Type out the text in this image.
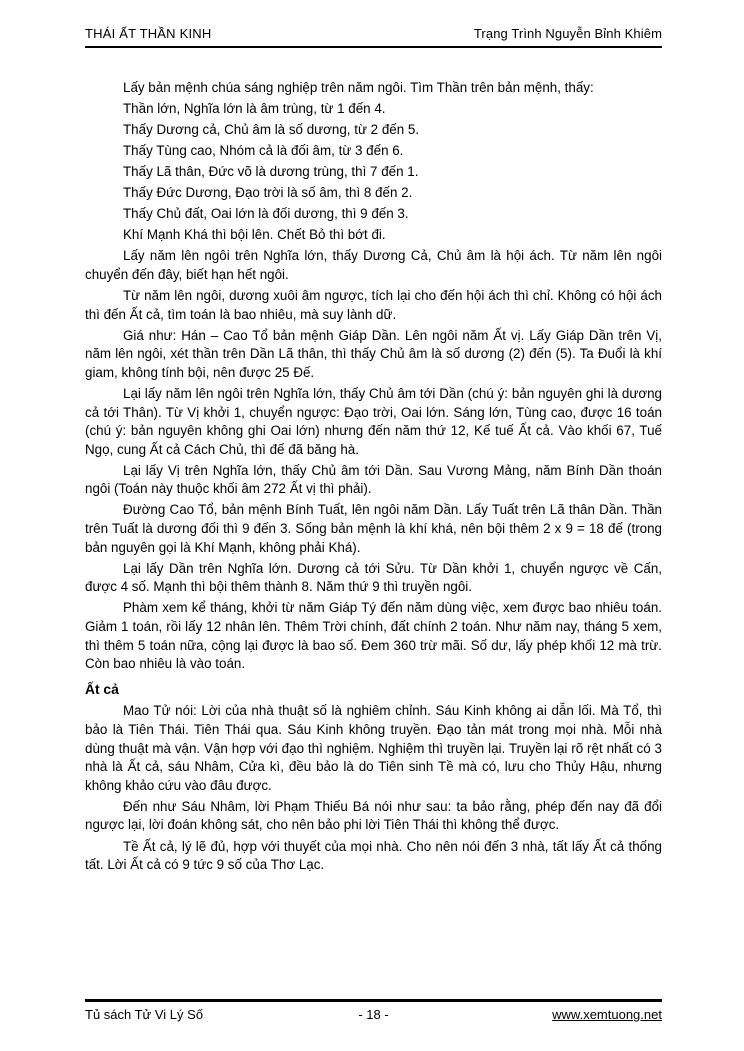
THÁI ẤT THẦN KINH	Trạng Trình Nguyễn Bỉnh Khiêm

Lấy bản mệnh chúa sáng nghiệp trên năm ngôi. Tìm Thần trên bản mệnh, thấy:

Thần lớn, Nghĩa lớn là âm trùng, từ 1 đến 4.

Thấy Dương cả, Chủ âm là số dương, từ 2 đến 5.

Thấy Tùng cao, Nhóm cả là đối âm, từ 3 đến 6.

Thấy Lã thân, Đức võ là dương trùng, thì 7 đến 1.

Thấy Đức Dương, Đạo trời là số âm, thì 8 đến 2.

Thấy Chủ đất, Oai lớn là đối dương, thì 9 đến 3.

Khí Mạnh Khá thì bội lên. Chết Bỏ thì bớt đi.

Lấy năm lên ngôi trên Nghĩa lớn, thấy Dương Cả, Chủ âm là hội ách. Từ năm lên ngôi chuyển đến đây, biết hạn hết ngôi.

Từ năm lên ngôi, dương xuôi âm ngược, tích lại cho đến hội ách thì chỉ. Không có hội ách thì đến Ất cả, tìm toán là bao nhiêu, mà suy lành dữ.

Giá như: Hán – Cao Tổ bản mệnh Giáp Dần. Lên ngôi năm Ất vị. Lấy Giáp Dần trên Vị, năm lên ngôi, xét thần trên Dần Lã thân, thì thấy Chủ âm là số dương (2) đến (5). Ta Đuổi là khí giam, không tính bội, nên được 25 Đế.

Lại lấy năm lên ngôi trên Nghĩa lớn, thấy Chủ âm tới Dần (chú ý: bản nguyên ghi là dương cả tới Thân). Từ Vị khởi 1, chuyển ngược: Đạo trời, Oai lớn. Sáng lớn, Tùng cao, được 16 toán (chú ý: bản nguyên không ghi Oai lớn) nhưng đến năm thứ 12, Kế tuế Ất cả. Vào khối 67, Tuế Ngọ, cung Ất cả Cách Chủ, thì đế đã băng hà.

Lại lấy Vị trên Nghĩa lớn, thấy Chủ âm tới Dần. Sau Vương Mảng, năm Bính Dần thoán ngôi (Toán này thuộc khối âm 272 Ất vị thì phải).

Đường Cao Tổ, bản mệnh Bính Tuất, lên ngôi năm Dần. Lấy Tuất trên Lã thân Dần. Thần trên Tuất là dương đối thì 9 đến 3. Sống bản mệnh là khí khá, nên bội thêm 2 x 9 = 18 đế (trong bản nguyên gọi là Khí Mạnh, không phải Khá).

Lại lấy Dần trên Nghĩa lớn. Dương cả tới Sửu. Từ Dần khởi 1, chuyển ngược về Cấn, được 4 số. Mạnh thì bội thêm thành 8. Năm thứ 9 thì truyền ngôi.

Phàm xem kể tháng, khởi từ năm Giáp Tý đến năm dùng việc, xem được bao nhiêu toán. Giảm 1 toán, rồi lấy 12 nhân lên. Thêm Trời chính, đất chính 2 toán. Như năm nay, tháng 5 xem, thì thêm 5 toán nữa, cộng lại được là bao số. Đem 360 trừ mãi. Số dư, lấy phép khối 12 mà trừ. Còn bao nhiêu là vào toán.

Ất cả

Mao Tử nói: Lời của nhà thuật số là nghiêm chỉnh. Sáu Kinh không ai dẫn lối. Mà Tổ, thì bảo là Tiên Thái. Tiên Thái qua. Sáu Kinh không truyền. Đạo tản mát trong mọi nhà. Mỗi nhà dùng thuật mà vận. Vận hợp với đạo thì nghiệm. Nghiệm thì truyền lại. Truyền lại rõ rệt nhất có 3 nhà là Ất cả, sáu Nhâm, Cửa kì, đều bảo là do Tiên sinh Tề mà có, lưu cho Thủy Hậu, nhưng không khảo cứu vào đâu được.

Đến như Sáu Nhâm, lời Phạm Thiếu Bá nói như sau: ta bảo rằng, phép đến nay đã đổi ngược lại, lời đoán không sát, cho nên bảo phi lời Tiên Thái thì không thể được.

Tề Ất cả, lý lẽ đủ, hợp với thuyết của mọi nhà. Cho nên nói đến 3 nhà, tất lấy Ất cả thống tất. Lời Ất cả có 9 tức 9 số của Thơ Lạc.

Tủ sách Tử Vi Lý Số	- 18 -	www.xemtuong.net
